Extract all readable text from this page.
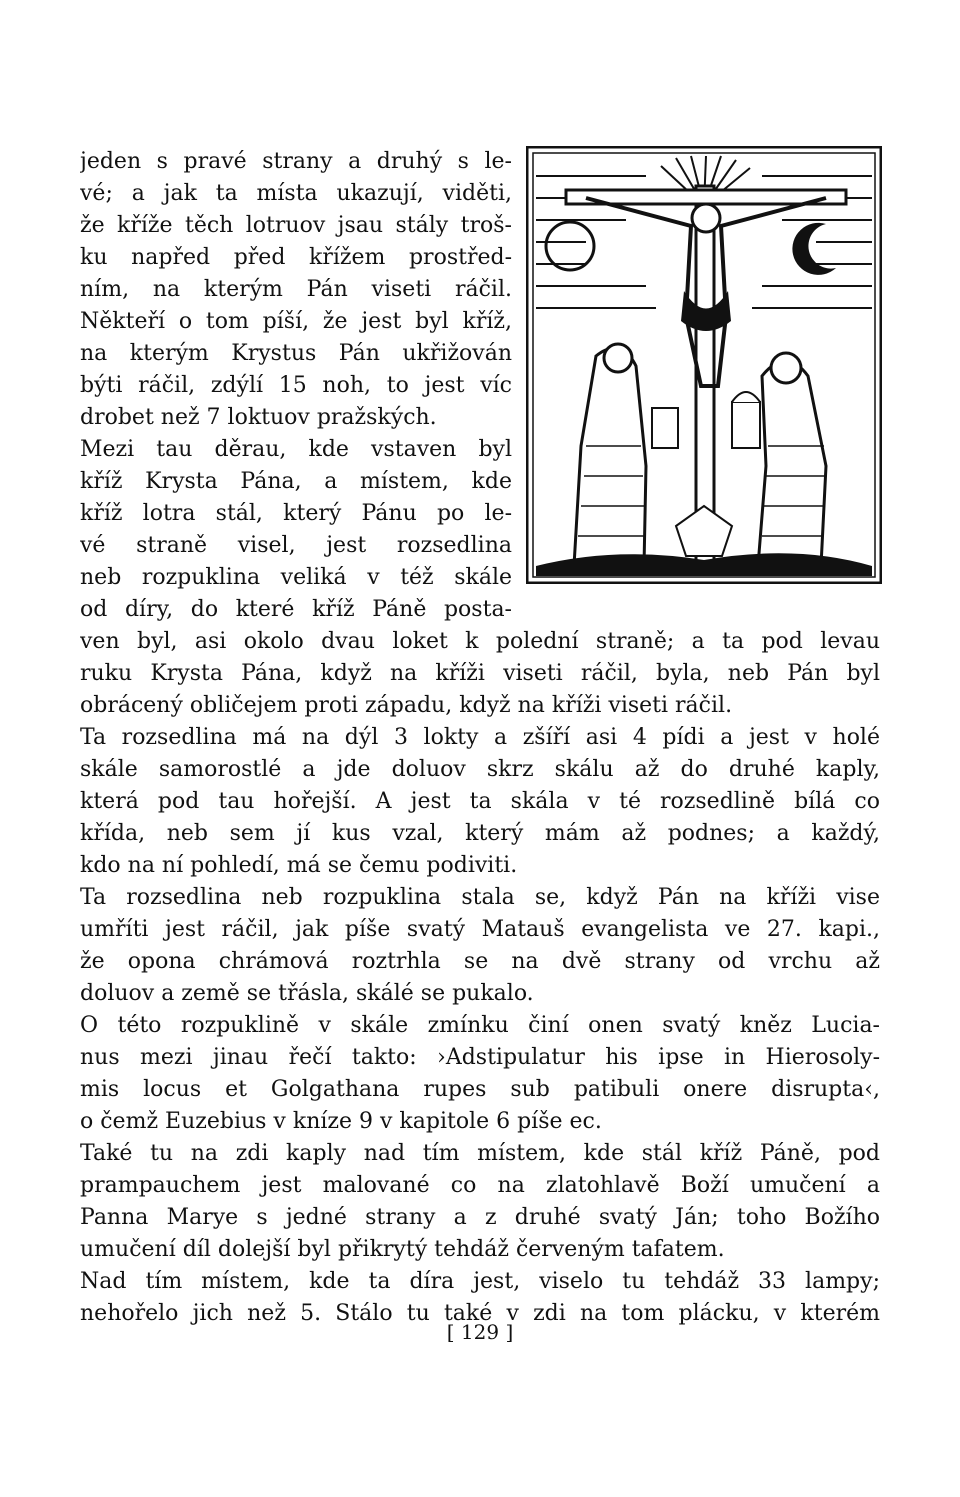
jeden s pravé strany a druhý s le-
vé; a jak ta místa ukazují, viděti,
že kříže těch lotruov jsau stály troš-
ku napřed před křížem prostřed-
ním, na kterým Pán viseti ráčil.
Někteří o tom píší, že jest byl kříž,
na kterým Krystus Pán ukřižován
býti ráčil, zdýlí 15 noh, to jest víc
drobet než 7 loktuov pražských.
Mezi tau děrau, kde vstaven byl
kříž Krysta Pána, a místem, kde
kříž lotra stál, který Pánu po le-
vé straně visel, jest rozsedlina
neb rozpuklina veliká v též skále
od díry, do které kříž Páně posta-
ven byl, asi okolo dvau loket k polední straně; a ta pod levau
ruku Krysta Pána, když na kříži viseti ráčil, byla, neb Pán byl
obrácený obličejem proti západu, když na kříži viseti ráčil.
Ta rozsedlina má na dýl 3 lokty a zšíří asi 4 pídi a jest v holé
skále samorostlé a jde doluov skrz skálu až do druhé kaply,
která pod tau hořejší. A jest ta skála v té rozsedlině bílá co
křída, neb sem jí kus vzal, který mám až podnes; a každý,
kdo na ní pohledí, má se čemu podiviti.
Ta rozsedlina neb rozpuklina stala se, když Pán na kříži vise
umříti jest ráčil, jak píše svatý Matauš evangelista ve 27. kapi.,
že opona chrámová roztrhla se na dvě strany od vrchu až
doluov a země se třásla, skálé se pukalo.
O této rozpuklině v skále zmínku činí onen svatý kněz Lucia-
nus mezi jinau řečí takto: ›Adstipulatur his ipse in Hierosoly-
mis locus et Golgathana rupes sub patibuli onere disrupta‹,
o čemž Euzebius v kníze 9 v kapitole 6 píše ec.
Také tu na zdi kaply nad tím místem, kde stál kříž Páně, pod
prampauchem jest malované co na zlatohlavě Boží umučení a
Panna Marye s jedné strany a z druhé svatý Ján; toho Božího
umučení díl dolejší byl přikrytý tehdáž červeným tafatem.
Nad tím místem, kde ta díra jest, viselo tu tehdáž 33 lampy;
nehořelo jich než 5. Stálo tu také v zdi na tom plácku, v kterém
[ 129 ]
